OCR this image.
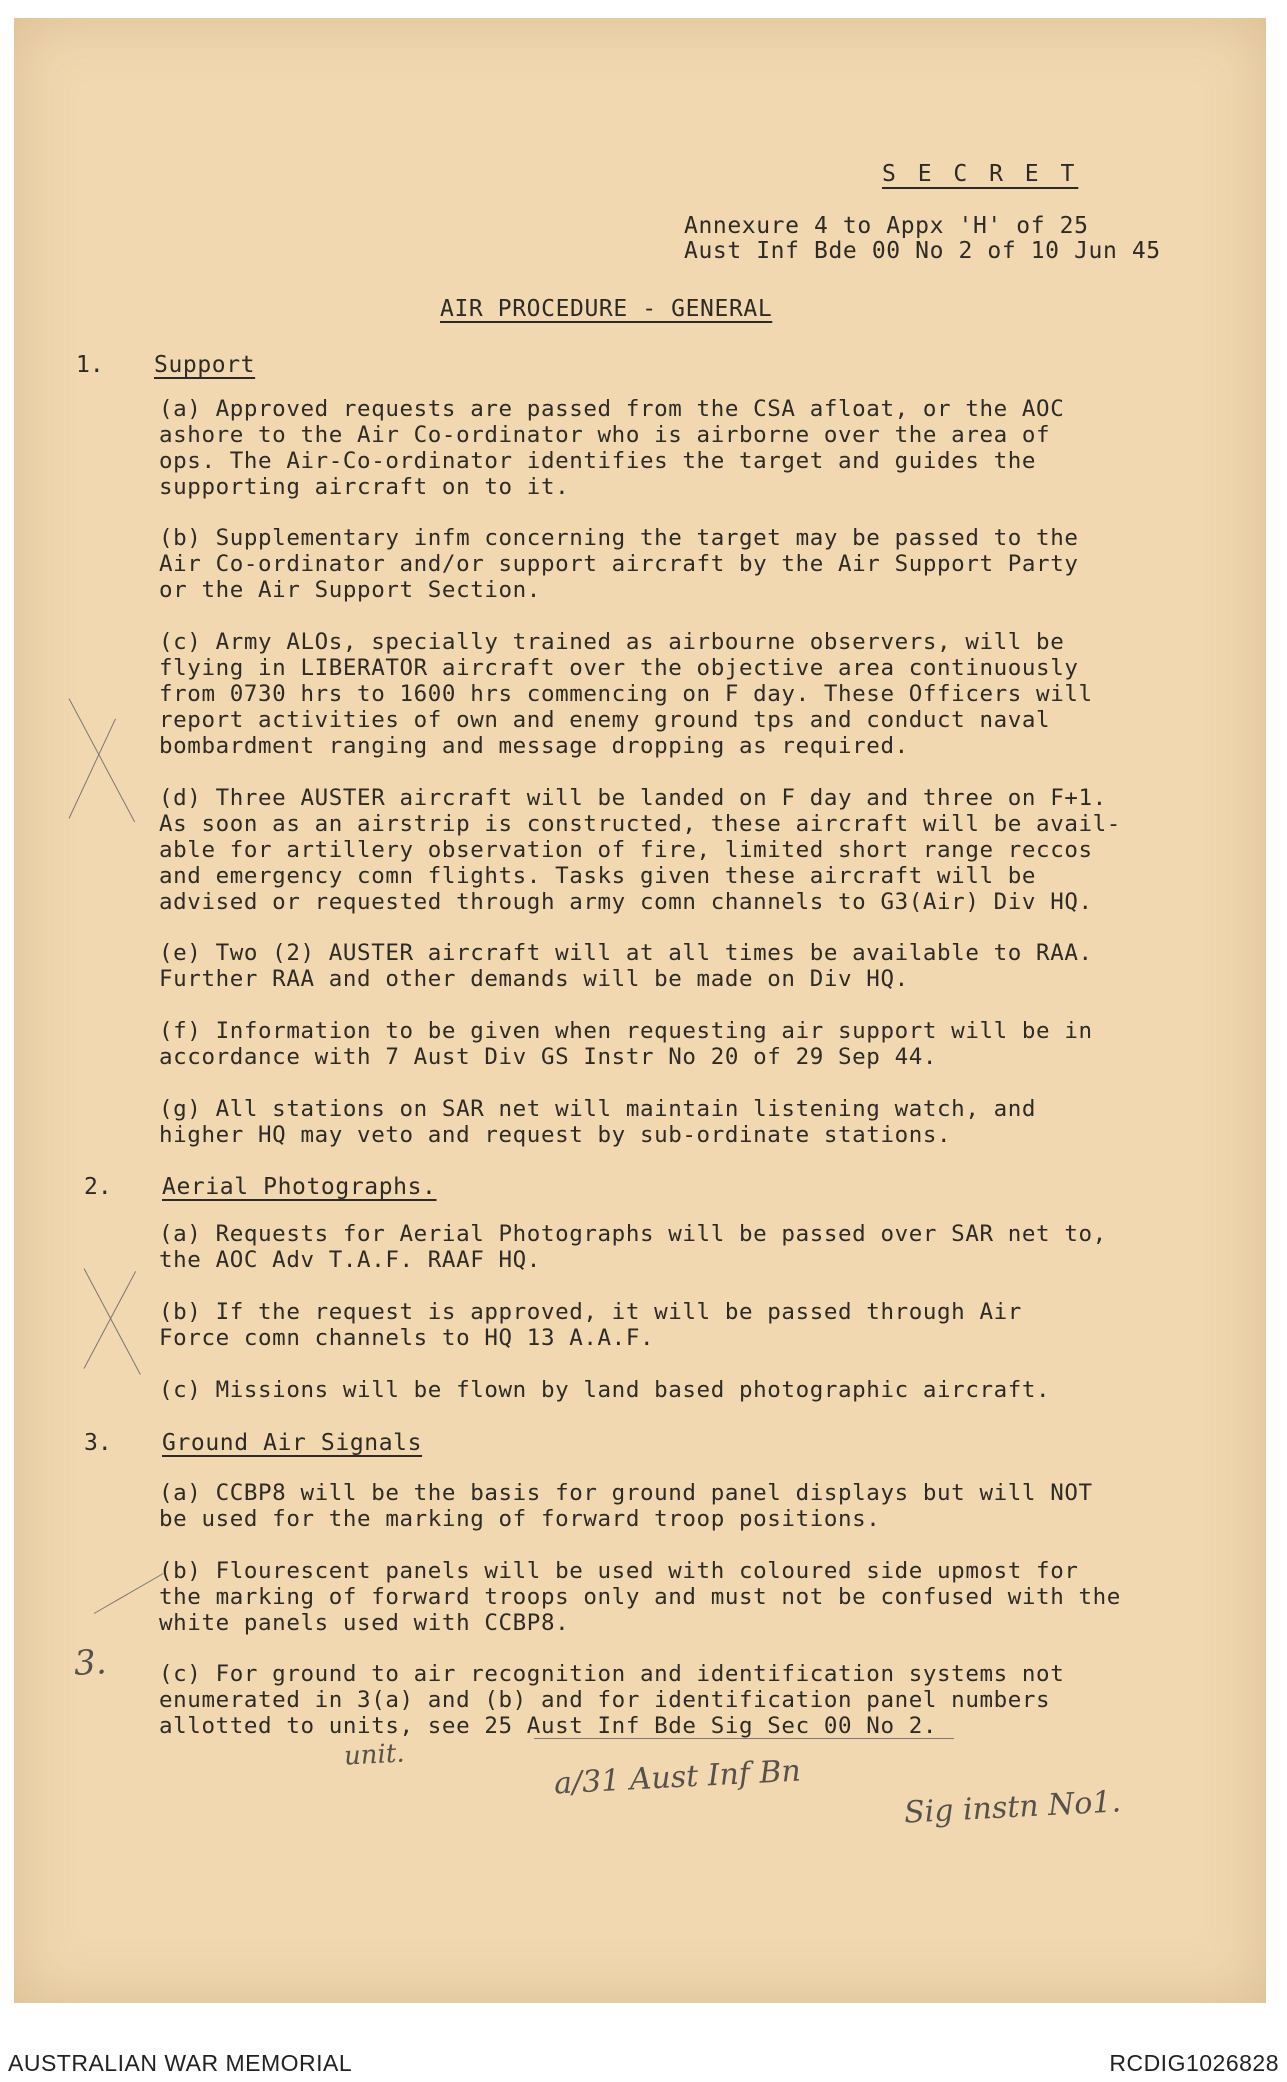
S E C R E T
Annexure 4 to Appx 'H' of 25
Aust Inf Bde 00 No 2 of 10 Jun 45
AIR PROCEDURE - GENERAL
1. Support
(a) Approved requests are passed from the CSA afloat, or the AOC
ashore to the Air Co-ordinator who is airborne over the area of
ops. The Air-Co-ordinator identifies the target and guides the
supporting aircraft on to it.
(b) Supplementary infm concerning the target may be passed to the
Air Co-ordinator and/or support aircraft by the Air Support Party
or the Air Support Section.
(c) Army ALOs, specially trained as airbourne observers, will be
flying in LIBERATOR aircraft over the objective area continuously
from 0730 hrs to 1600 hrs commencing on F day. These Officers will
report activities of own and enemy ground tps and conduct naval
bombardment ranging and message dropping as required.
(d) Three AUSTER aircraft will be landed on F day and three on F+1.
As soon as an airstrip is constructed, these aircraft will be avail-
able for artillery observation of fire, limited short range reccos
and emergency comn flights. Tasks given these aircraft will be
advised or requested through army comn channels to G3(Air) Div HQ.
(e) Two (2) AUSTER aircraft will at all times be available to RAA.
Further RAA and other demands will be made on Div HQ.
(f) Information to be given when requesting air support will be in
accordance with 7 Aust Div GS Instr No 20 of 29 Sep 44.
(g) All stations on SAR net will maintain listening watch, and
higher HQ may veto and request by sub-ordinate stations.
2. Aerial Photographs.
(a) Requests for Aerial Photographs will be passed over SAR net to,
the AOC Adv T.A.F. RAAF HQ.
(b) If the request is approved, it will be passed through Air
Force comn channels to HQ 13 A.A.F.
(c) Missions will be flown by land based photographic aircraft.
3. Ground Air Signals
(a) CCBP8 will be the basis for ground panel displays but will NOT
be used for the marking of forward troop positions.
(b) Flourescent panels will be used with coloured side upmost for
the marking of forward troops only and must not be confused with the
white panels used with CCBP8.
(c) For ground to air recognition and identification systems not
enumerated in 3(a) and (b) and for identification panel numbers
allotted to units, see 25 Aust Inf Bde Sig Sec 00 No 2.
unit.	a/31 Aust Inf Bn
Sig instn No1.
3.
AUSTRALIAN WAR MEMORIAL	RCDIG1026828
